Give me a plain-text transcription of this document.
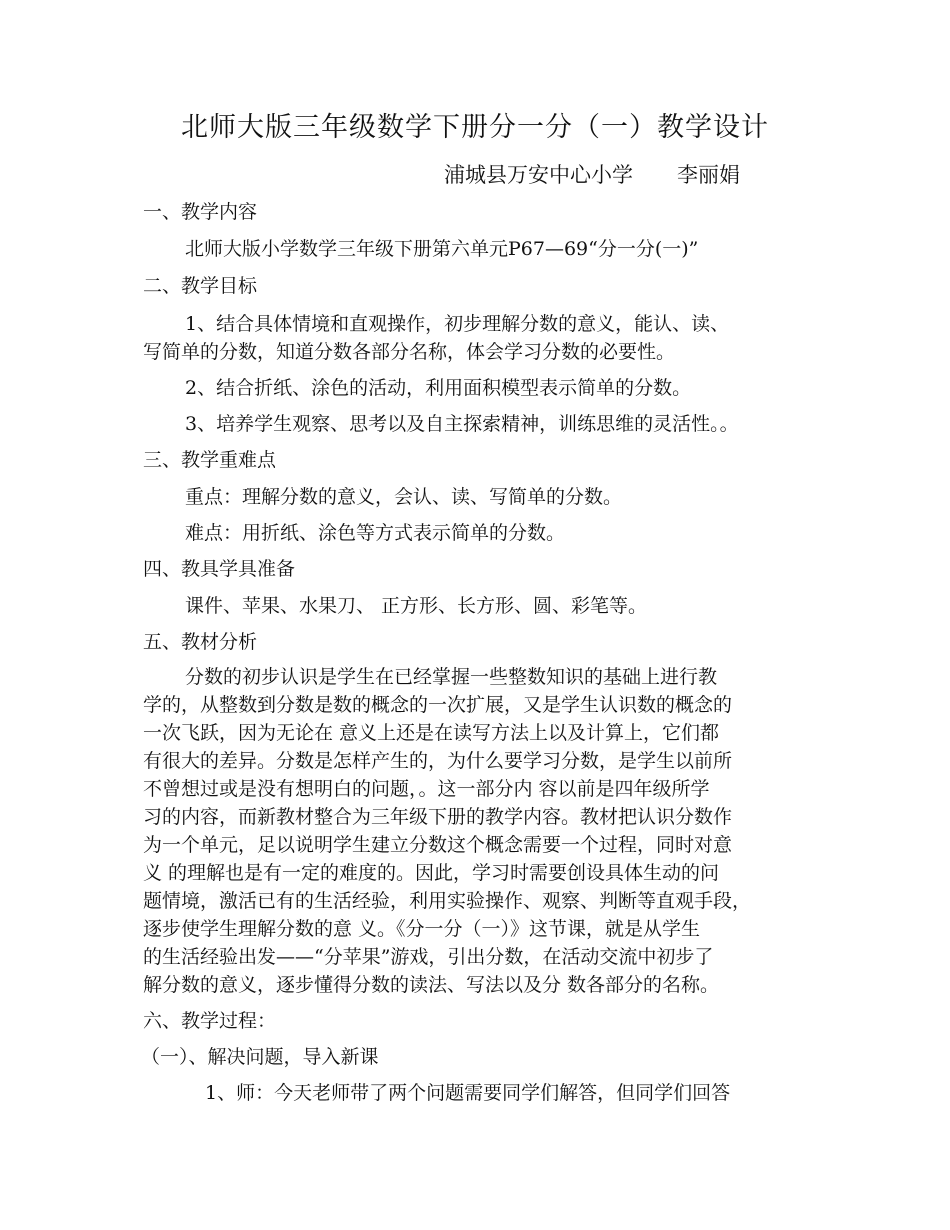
北师大版三年级数学下册分一分（一）教学设计
浦城县万安中心小学 李丽娟
一、教学内容
北师大版小学数学三年级下册第六单元P67—69“分一分(一)”
二、教学目标
1、结合具体情境和直观操作，初步理解分数的意义，能认、读、
写简单的分数，知道分数各部分名称，体会学习分数的必要性。
2、结合折纸、涂色的活动，利用面积模型表示简单的分数。
3、培养学生观察、思考以及自主探索精神，训练思维的灵活性。。
三、教学重难点
重点：理解分数的意义，会认、读、写简单的分数。
难点：用折纸、涂色等方式表示简单的分数。
四、教具学具准备
课件、苹果、水果刀、 正方形、长方形、圆、彩笔等。
五、教材分析
分数的初步认识是学生在已经掌握一些整数知识的基础上进行教
学的，从整数到分数是数的概念的一次扩展，又是学生认识数的概念的
一次飞跃，因为无论在 意义上还是在读写方法上以及计算上，它们都
有很大的差异。分数是怎样产生的，为什么要学习分数，是学生以前所
不曾想过或是没有想明白的问题，。这一部分内 容以前是四年级所学
习的内容，而新教材整合为三年级下册的教学内容。教材把认识分数作
为一个单元，足以说明学生建立分数这个概念需要一个过程，同时对意
义 的理解也是有一定的难度的。因此，学习时需要创设具体生动的问
题情境，激活已有的生活经验，利用实验操作、观察、判断等直观手段，
逐步使学生理解分数的意 义。《分一分（一）》这节课，就是从学生
的生活经验出发——“分苹果”游戏，引出分数，在活动交流中初步了
解分数的意义，逐步懂得分数的读法、写法以及分 数各部分的名称。
六、教学过程：
（一）、解决问题，导入新课
1、师：今天老师带了两个问题需要同学们解答，但同学们回答
